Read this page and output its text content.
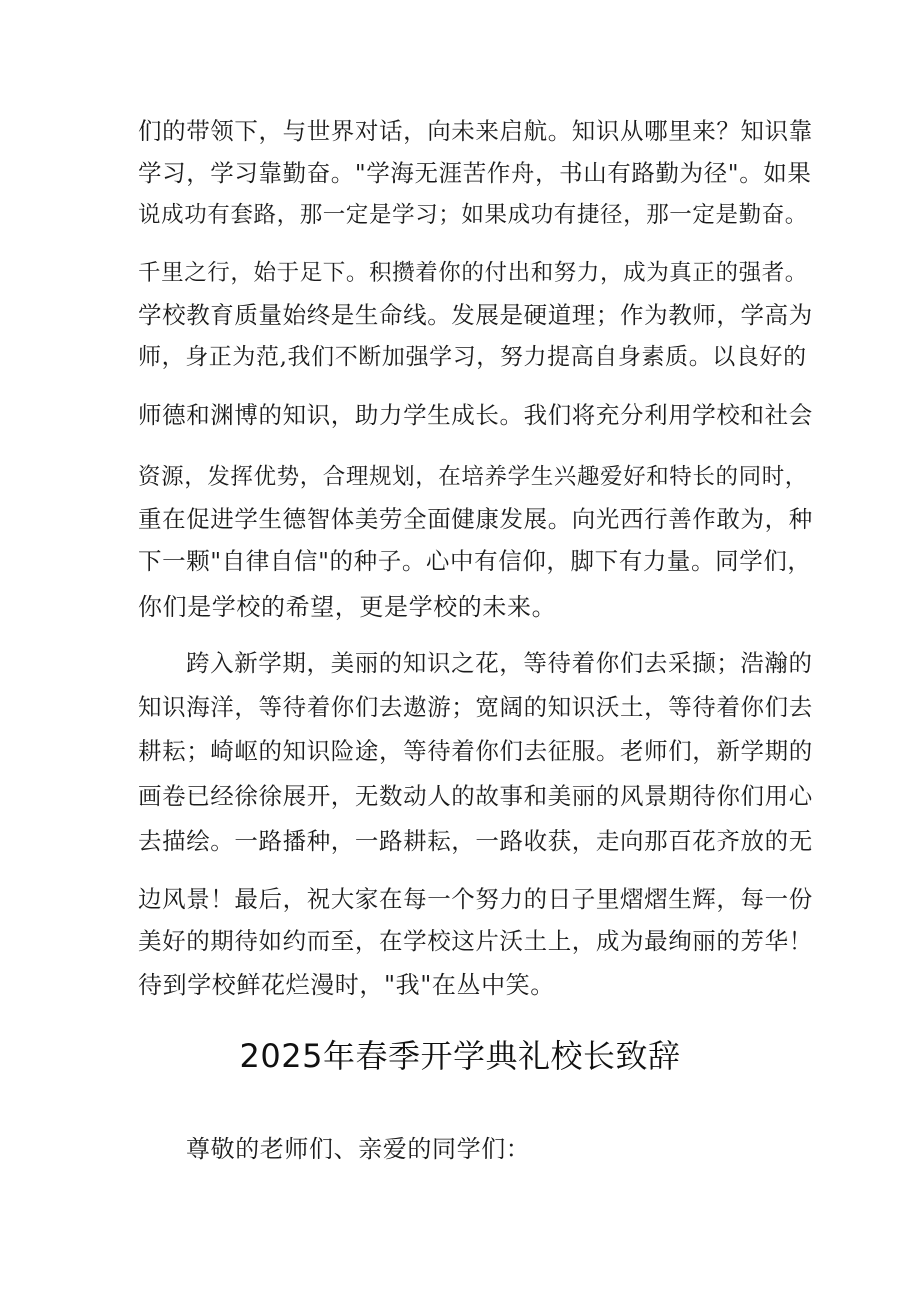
们的带领下，与世界对话，向未来启航。知识从哪里来？知识靠
学习，学习靠勤奋。"学海无涯苦作舟，书山有路勤为径"。如果
说成功有套路，那一定是学习；如果成功有捷径，那一定是勤奋。
千里之行，始于足下。积攒着你的付出和努力，成为真正的强者。
学校教育质量始终是生命线。发展是硬道理；作为教师，学高为
师，身正为范,我们不断加强学习，努力提高自身素质。以良好的
师德和渊博的知识，助力学生成长。我们将充分利用学校和社会
资源，发挥优势，合理规划，在培养学生兴趣爱好和特长的同时，
重在促进学生德智体美劳全面健康发展。向光西行善作敢为，种
下一颗"自律自信"的种子。心中有信仰，脚下有力量。同学们，
你们是学校的希望，更是学校的未来。
跨入新学期，美丽的知识之花，等待着你们去采撷；浩瀚的
知识海洋，等待着你们去遨游；宽阔的知识沃土，等待着你们去
耕耘；崎岖的知识险途，等待着你们去征服。老师们，新学期的
画卷已经徐徐展开，无数动人的故事和美丽的风景期待你们用心
去描绘。一路播种，一路耕耘，一路收获，走向那百花齐放的无
边风景！最后，祝大家在每一个努力的日子里熠熠生辉，每一份
美好的期待如约而至，在学校这片沃土上，成为最绚丽的芳华！
待到学校鲜花烂漫时，"我"在丛中笑。
2025年春季开学典礼校长致辞
尊敬的老师们、亲爱的同学们：
